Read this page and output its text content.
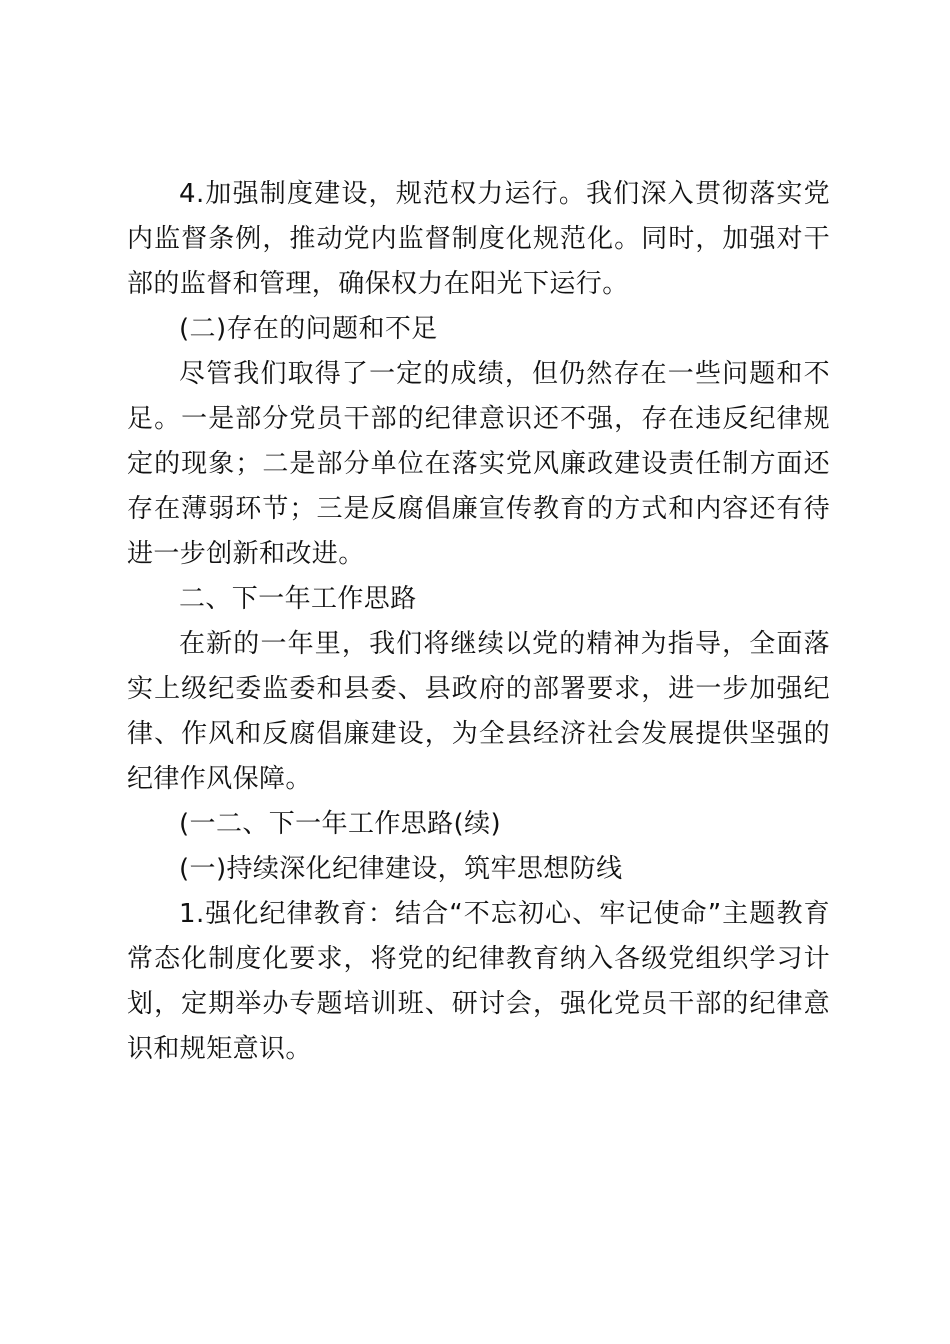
4.加强制度建设，规范权力运行。我们深入贯彻落实党内监督条例，推动党内监督制度化规范化。同时，加强对干部的监督和管理，确保权力在阳光下运行。

(二)存在的问题和不足

尽管我们取得了一定的成绩，但仍然存在一些问题和不足。一是部分党员干部的纪律意识还不强，存在违反纪律规定的现象；二是部分单位在落实党风廉政建设责任制方面还存在薄弱环节；三是反腐倡廉宣传教育的方式和内容还有待进一步创新和改进。

二、下一年工作思路

在新的一年里，我们将继续以党的精神为指导，全面落实上级纪委监委和县委、县政府的部署要求，进一步加强纪律、作风和反腐倡廉建设，为全县经济社会发展提供坚强的纪律作风保障。

(一二、下一年工作思路(续)

(一)持续深化纪律建设，筑牢思想防线

1.强化纪律教育：结合“不忘初心、牢记使命”主题教育常态化制度化要求，将党的纪律教育纳入各级党组织学习计划，定期举办专题培训班、研讨会，强化党员干部的纪律意识和规矩意识。
